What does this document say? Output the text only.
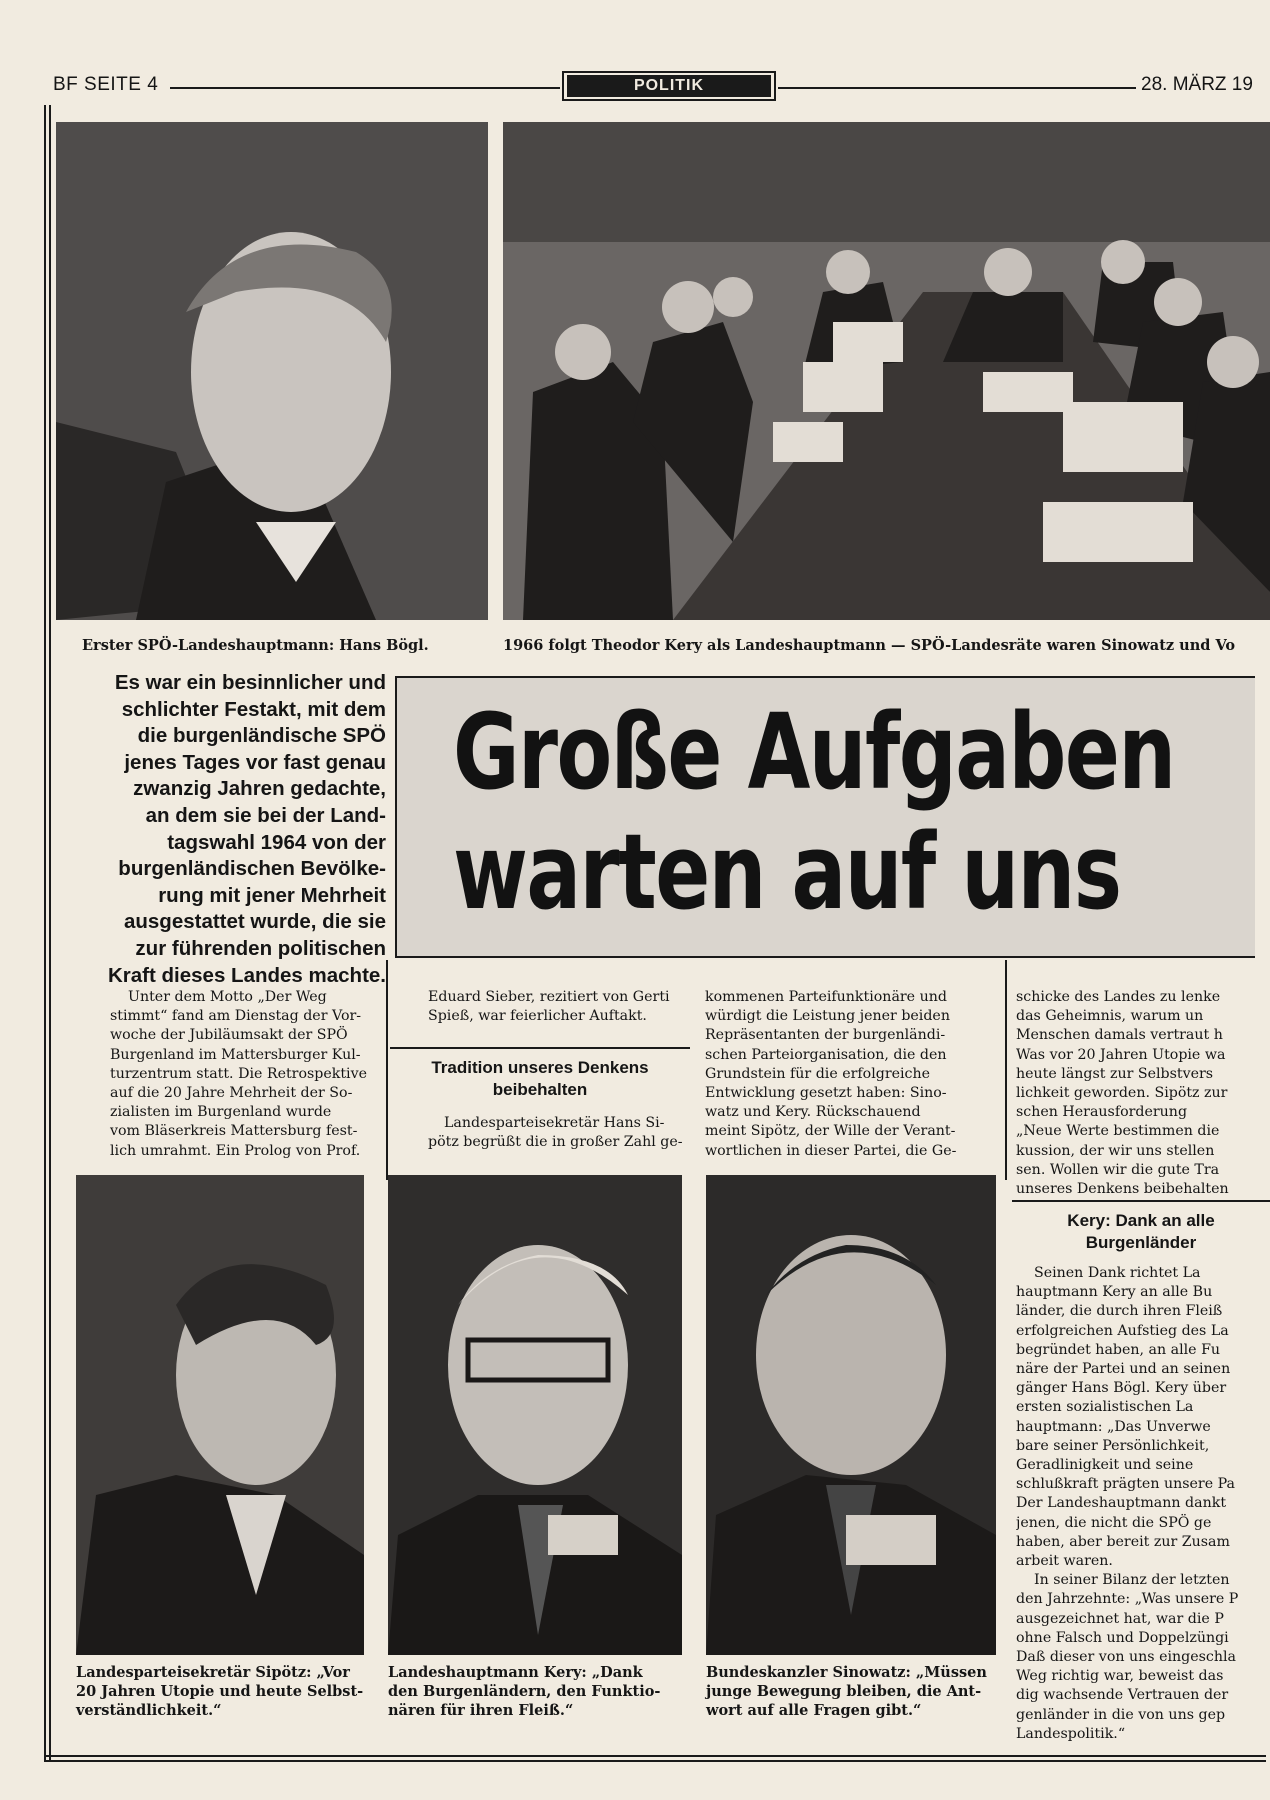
BF SEITE 4	POLITIK	28. MÄRZ 19
Erster SPÖ-Landeshauptmann: Hans Bögl.	1966 folgt Theodor Kery als Landeshauptmann — SPÖ-Landesräte waren Sinowatz und Vo
Es war ein besinnlicher und
schlichter Festakt, mit dem
die burgenländische SPÖ
jenes Tages vor fast genau
zwanzig Jahren gedachte,
an dem sie bei der Land-
tagswahl 1964 von der
burgenländischen Bevölke-
rung mit jener Mehrheit
ausgestattet wurde, die sie
zur führenden politischen
Kraft dieses Landes machte.
Große Aufgaben
warten auf uns
Unter dem Motto „Der Weg
stimmt“ fand am Dienstag der Vor-
woche der Jubiläumsakt der SPÖ
Burgenland im Mattersburger Kul-
turzentrum statt. Die Retrospektive
auf die 20 Jahre Mehrheit der So-
zialisten im Burgenland wurde
vom Bläserkreis Mattersburg fest-
lich umrahmt. Ein Prolog von Prof.
Eduard Sieber, rezitiert von Gerti
Spieß, war feierlicher Auftakt.
Tradition unseres Denkens
beibehalten
Landesparteisekretär Hans Si-
pötz begrüßt die in großer Zahl ge-
kommenen Parteifunktionäre und
würdigt die Leistung jener beiden
Repräsentanten der burgenländi-
schen Parteiorganisation, die den
Grundstein für die erfolgreiche
Entwicklung gesetzt haben: Sino-
watz und Kery. Rückschauend
meint Sipötz, der Wille der Verant-
wortlichen in dieser Partei, die Ge-
schicke des Landes zu lenke
das Geheimnis, warum un
Menschen damals vertraut h
Was vor 20 Jahren Utopie wa
heute längst zur Selbstvers
lichkeit geworden. Sipötz zur
schen Herausforderung
„Neue Werte bestimmen die
kussion, der wir uns stellen
sen. Wollen wir die gute Tra
unseres Denkens beibehalten
Kery: Dank an alle
Burgenländer
Seinen Dank richtet La
hauptmann Kery an alle Bu
länder, die durch ihren Fleiß
erfolgreichen Aufstieg des La
begründet haben, an alle Fu
näre der Partei und an seinen
gänger Hans Bögl. Kery über
ersten sozialistischen La
hauptmann: „Das Unverwe
bare seiner Persönlichkeit,
Geradlinigkeit und seine
schlußkraft prägten unsere Pa
Der Landeshauptmann dankt
jenen, die nicht die SPÖ ge
haben, aber bereit zur Zusam
arbeit waren.
In seiner Bilanz der letzten
den Jahrzehnte: „Was unsere P
ausgezeichnet hat, war die P
ohne Falsch und Doppelzüngi
Daß dieser von uns eingeschla
Weg richtig war, beweist das
dig wachsende Vertrauen der
genländer in die von uns gep
Landespolitik.“
Landesparteisekretär Sipötz: „Vor
20 Jahren Utopie und heute Selbst-
verständlichkeit.“
Landeshauptmann Kery: „Dank
den Burgenländern, den Funktio-
nären für ihren Fleiß.“
Bundeskanzler Sinowatz: „Müssen
junge Bewegung bleiben, die Ant-
wort auf alle Fragen gibt.“
